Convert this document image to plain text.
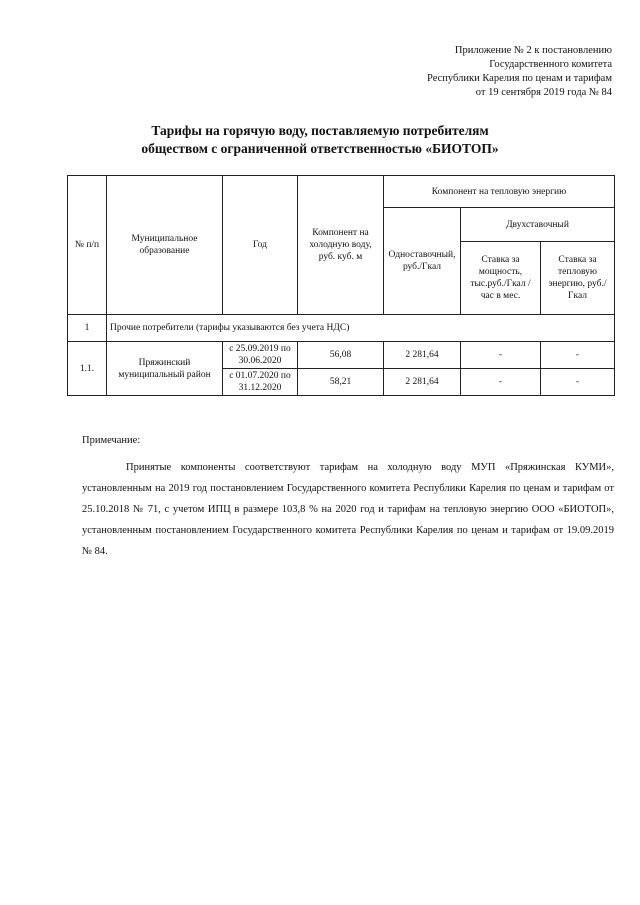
Приложение № 2 к постановлению
Государственного комитета
Республики Карелия по ценам и тарифам
от 19 сентября 2019 года № 84
Тарифы на горячую воду, поставляемую потребителям
обществом с ограниченной ответственностью «БИОТОП»
№ п/п	Муниципальное образование	Год	Компонент на холодную воду, руб. куб. м	Компонент на тепловую энергию		
				Одноставочный, руб./Гкал	Двухставочный	
					Ставка за мощность, тыс.руб./Гкал / час в мес.	Ставка за тепловую энергию, руб./Гкал
1	Прочие потребители (тарифы указываются без учета НДС)					
1.1.	Пряжинский муниципальный район	с 25.09.2019 по 30.06.2020	56,08	2 281,64	-	-
		с 01.07.2020 по 31.12.2020	58,21	2 281,64	-	-

Примечание:

Принятые компоненты соответствуют тарифам на холодную воду МУП «Пряжинская КУМИ», установленным на 2019 год постановлением Государственного комитета Республики Карелия по ценам и тарифам от 25.10.2018 № 71, с учетом ИПЦ в размере 103,8 % на 2020 год и тарифам на тепловую энергию ООО «БИОТОП», установленным постановлением Государственного комитета Республики Карелия по ценам и тарифам от 19.09.2019 № 84.
